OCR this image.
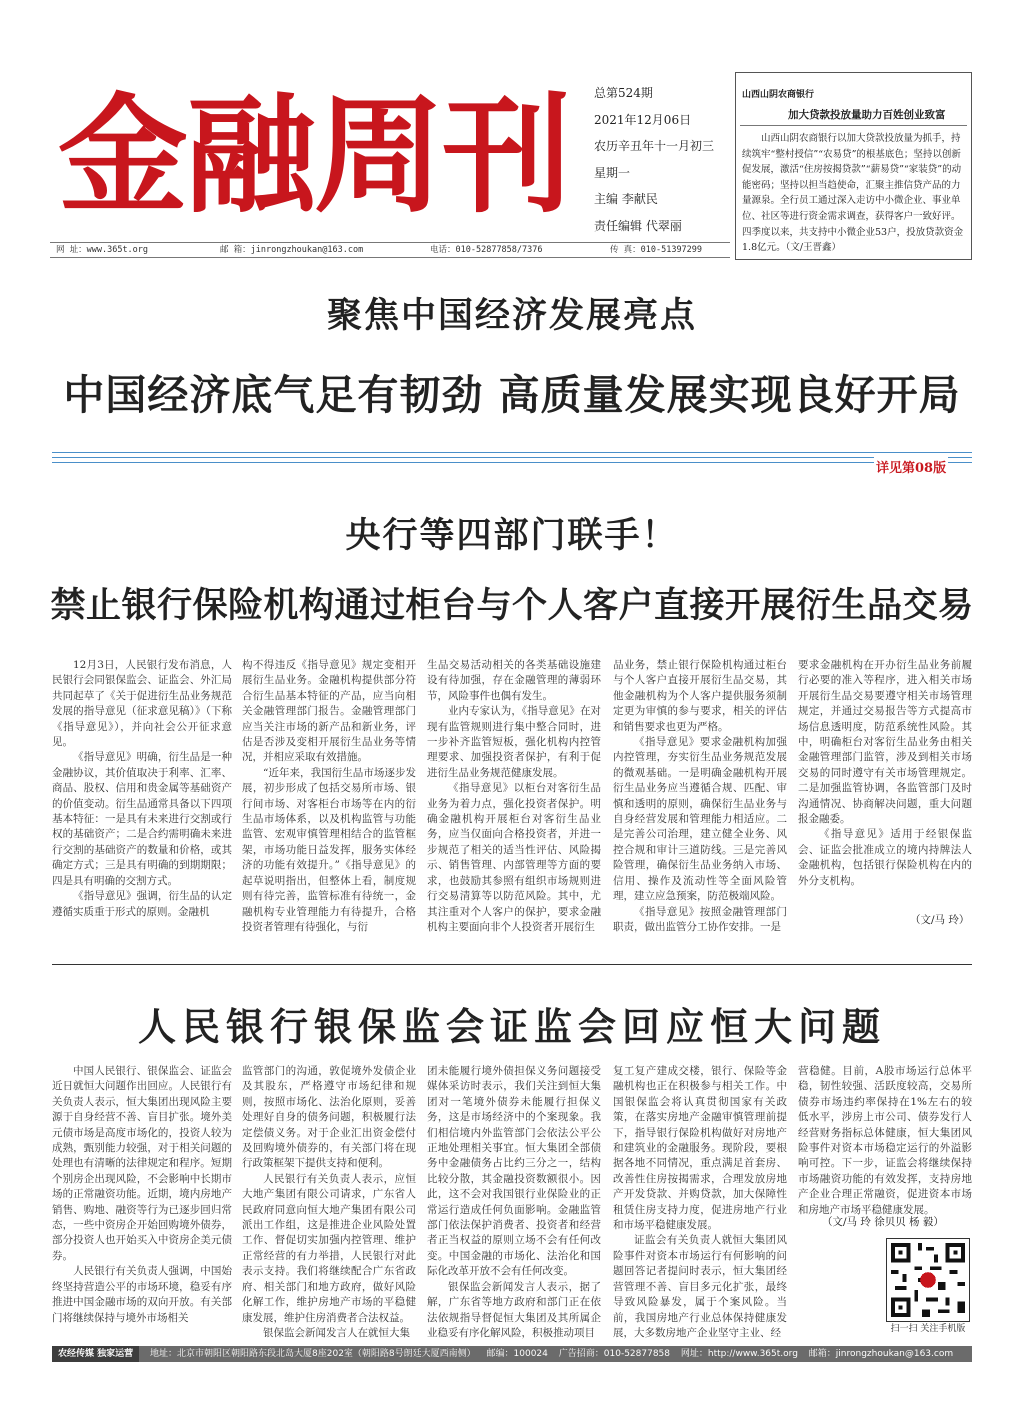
金融周刊 总第524期
2021年12月06日
农历辛丑年十一月初三
星期一
主编 李献民
责任编辑 代翠丽
网 址：www.365t.org	邮 箱：jinrongzhoukan@163.com	电话：010-52877858/7376	传 真：010-51397299
山西山阴农商银行
加大贷款投放量助力百姓创业致富
山西山阴农商银行以加大贷款投放量为抓手，持续筑牢“整村授信”“农易贷”的根基底色；坚持以创新促发展，激活“住房按揭贷款”“薪易贷”“家装贷”的动能密码；坚持以担当趋使命，汇聚主推信贷产品的力量源泉。全行员工通过深入走访中小微企业、事业单位、社区等进行资金需求调查，获得客户一致好评。四季度以来，共支持中小微企业53户，投放贷款资金1.8亿元。（文/王晋鑫）
聚焦中国经济发展亮点
中国经济底气足有韧劲 高质量发展实现良好开局
详见第08版
央行等四部门联手！
禁止银行保险机构通过柜台与个人客户直接开展衍生品交易

12月3日，人民银行发布消息，人民银行会同银保监会、证监会、外汇局共同起草了《关于促进衍生品业务规范发展的指导意见（征求意见稿）》（下称《指导意见》），并向社会公开征求意见。

《指导意见》明确，衍生品是一种金融协议，其价值取决于利率、汇率、商品、股权、信用和贵金属等基础资产的价值变动。衍生品通常具备以下四项基本特征：一是具有未来进行交割或行权的基础资产；二是合约需明确未来进行交割的基础资产的数量和价格，或其确定方式；三是具有明确的到期期限；四是具有明确的交割方式。

《指导意见》强调，衍生品的认定遵循实质重于形式的原则。金融机

构不得违反《指导意见》规定变相开展衍生品业务。金融机构提供部分符合衍生品基本特征的产品，应当向相关金融管理部门报告。金融管理部门应当关注市场的新产品和新业务，评估是否涉及变相开展衍生品业务等情况，并相应采取有效措施。

“近年来，我国衍生品市场逐步发展，初步形成了包括交易所市场、银行间市场、对客柜台市场等在内的衍生品市场体系，以及机构监管与功能监管、宏观审慎管理相结合的监管框架，市场功能日益发挥，服务实体经济的功能有效提升。”《指导意见》的起草说明指出，但整体上看，制度规则有待完善，监管标准有待统一，金融机构专业管理能力有待提升，合格投资者管理有待强化，与衍

生品交易活动相关的各类基础设施建设有待加强，存在金融管理的薄弱环节，风险事件也偶有发生。

业内专家认为，《指导意见》在对现有监管规则进行集中整合同时，进一步补齐监管短板，强化机构内控管理要求、加强投资者保护，有利于促进衍生品业务规范健康发展。

《指导意见》以柜台对客衍生品业务为着力点，强化投资者保护。明确金融机构开展柜台对客衍生品业务，应当仅面向合格投资者，并进一步规范了相关的适当性评估、风险揭示、销售管理、内部管理等方面的要求，也鼓励其参照有组织市场规则进行交易清算等以防范风险。其中，尤其注重对个人客户的保护，要求金融机构主要面向非个人投资者开展衍生

品业务，禁止银行保险机构通过柜台与个人客户直接开展衍生品交易，其他金融机构为个人客户提供服务须制定更为审慎的参与要求，相关的评估和销售要求也更为严格。

《指导意见》要求金融机构加强内控管理，夯实衍生品业务规范发展的微观基础。一是明确金融机构开展衍生品业务应当遵循合规、匹配、审慎和透明的原则，确保衍生品业务与自身经营发展和管理能力相适应。二是完善公司治理，建立健全业务、风控合规和审计三道防线。三是完善风险管理，确保衍生品业务纳入市场、信用、操作及流动性等全面风险管理，建立应急预案，防范极端风险。

《指导意见》按照金融管理部门职责，做出监管分工协作安排。一是

要求金融机构在开办衍生品业务前履行必要的准入等程序，进入相关市场开展衍生品交易要遵守相关市场管理规定，并通过交易报告等方式提高市场信息透明度，防范系统性风险。其中，明确柜台对客衍生品业务由相关金融管理部门监管，涉及到相关市场交易的同时遵守有关市场管理规定。二是加强监管协调，各监管部门及时沟通情况、协商解决问题，重大问题报金融委。

《指导意见》适用于经银保监会、证监会批准成立的境内持牌法人金融机构，包括银行保险机构在内的外分支机构。

（文/马 玲）
人民银行银保监会证监会回应恒大问题

中国人民银行、银保监会、证监会近日就恒大问题作出回应。人民银行有关负责人表示，恒大集团出现风险主要源于自身经营不善、盲目扩张。境外美元债市场是高度市场化的，投资人较为成熟，甄别能力较强，对于相关问题的处理也有清晰的法律规定和程序。短期个别房企出现风险，不会影响中长期市场的正常融资功能。近期，境内房地产销售、购地、融资等行为已逐步回归常态，一些中资房企开始回购境外债券，部分投资人也开始买入中资房企美元债券。

人民银行有关负责人强调，中国始终坚持营造公平的市场环境，稳妥有序推进中国金融市场的双向开放。有关部门将继续保持与境外市场相关

监管部门的沟通，敦促境外发债企业及其股东，严格遵守市场纪律和规则，按照市场化、法治化原则，妥善处理好自身的债务问题，积极履行法定偿债义务。对于企业汇出资金偿付及回购境外债券的，有关部门将在现行政策框架下提供支持和便利。

人民银行有关负责人表示，应恒大地产集团有限公司请求，广东省人民政府同意向恒大地产集团有限公司派出工作组，这是推进企业风险处置工作、督促切实加强内控管理、维护正常经营的有力举措，人民银行对此表示支持。我们将继续配合广东省政府、相关部门和地方政府，做好风险化解工作，维护房地产市场的平稳健康发展，维护住房消费者合法权益。

银保监会新闻发言人在就恒大集

团未能履行境外债担保义务问题接受媒体采访时表示，我们关注到恒大集团对一笔境外债券未能履行担保义务，这是市场经济中的个案现象。我们相信境内外监管部门会依法公平公正地处理相关事宜。恒大集团全部债务中金融债务占比约三分之一，结构比较分散，其金融投资数额很小。因此，这不会对我国银行业保险业的正常运行造成任何负面影响。金融监管部门依法保护消费者、投资者和经营者正当权益的原则立场不会有任何改变。中国金融的市场化、法治化和国际化改革开放不会有任何改变。

银保监会新闻发言人表示，据了解，广东省等地方政府和部门正在依法依规指导督促恒大集团及其所属企业稳妥有序化解风险，积极推动项目

复工复产建成交楼，银行、保险等金融机构也正在积极参与相关工作。中国银保监会将认真贯彻国家有关政策，在落实房地产金融审慎管理前提下，指导银行保险机构做好对房地产和建筑业的金融服务。现阶段，要根据各地不同情况，重点满足首套房、改善性住房按揭需求，合理发放房地产开发贷款、并购贷款，加大保障性租赁住房支持力度，促进房地产行业和市场平稳健康发展。

证监会有关负责人就恒大集团风险事件对资本市场运行有何影响的问题回答记者提问时表示，恒大集团经营管理不善、盲目多元化扩张，最终导致风险暴发，属于个案风险。当前，我国房地产行业总体保持健康发展，大多数房地产企业坚守主业、经

营稳健。目前，A股市场运行总体平稳，韧性较强、活跃度较高，交易所债券市场违约率保持在1%左右的较低水平，涉房上市公司、债券发行人经营财务指标总体健康，恒大集团风险事件对资本市场稳定运行的外溢影响可控。下一步，证监会将继续保持市场融资功能的有效发挥，支持房地产企业合理正常融资，促进资本市场和房地产市场平稳健康发展。

（文/马 玲 徐贝贝 杨 毅）
扫一扫 关注手机版
农经传媒 独家运营 地址：北京市朝阳区朝阳路东段北岛大厦8座202室（朝阳路8号朗廷大厦西南侧） 邮编：100024 广告招商：010-52877858 网址：http://www.365t.org 邮箱：jinrongzhoukan@163.com
